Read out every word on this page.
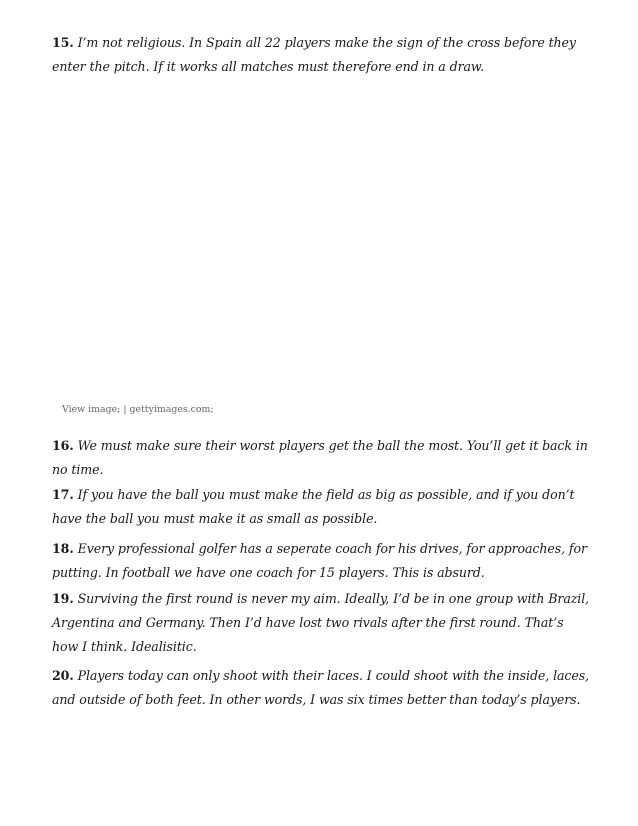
15. I’m not religious. In Spain all 22 players make the sign of the cross before they enter the pitch. If it works all matches must therefore end in a draw.

View image; | gettyimages.com;

16. We must make sure their worst players get the ball the most. You’ll get it back in no time.

17. If you have the ball you must make the field as big as possible, and if you don’t have the ball you must make it as small as possible.

18. Every professional golfer has a seperate coach for his drives, for approaches, for putting. In football we have one coach for 15 players. This is absurd.

19. Surviving the first round is never my aim. Ideally, I’d be in one group with Brazil, Argentina and Germany. Then I’d have lost two rivals after the first round. That’s how I think. Idealisitic.

20. Players today can only shoot with their laces. I could shoot with the inside, laces, and outside of both feet. In other words, I was six times better than today’s players.
